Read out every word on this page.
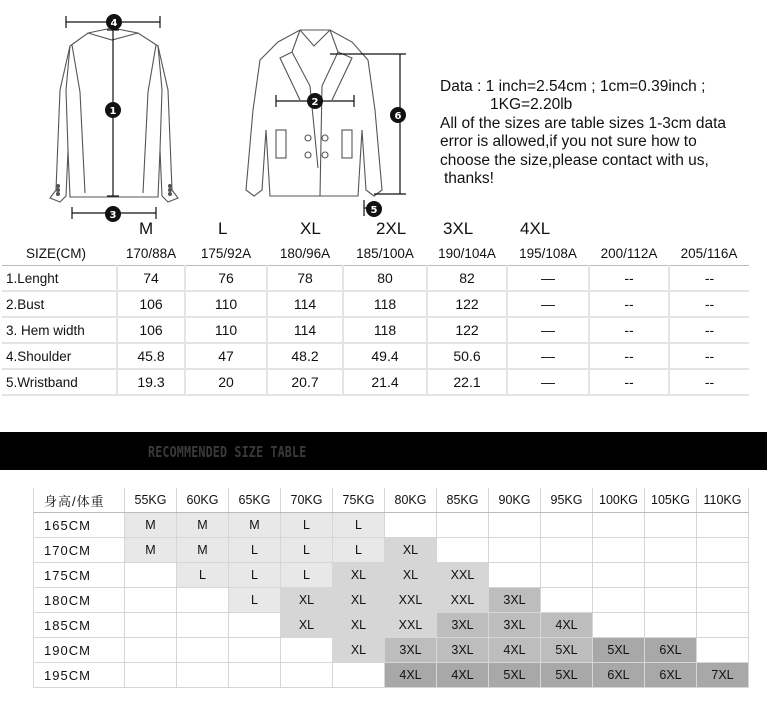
4
1
3
2
6
5
Data : 1 inch=2.54cm ; 1cm=0.39inch ;
1KG=2.20lb
All of the sizes are table sizes 1-3cm data
error is allowed,if you not sure how to
choose the size,please contact with us,
thanks!
M	L	XL	2XL 3XL	4XL
SIZE(CM)	170/88A	175/92A	180/96A	185/100A	190/104A	195/108A	200/112A	205/116A
1.Lenght	74	76	78	80	82	—	--	--
2.Bust	106	110	114	118	122	—	--	--
3. Hem width	106	110	114	118	122	—	--	--
4.Shoulder	45.8	47	48.2	49.4	50.6	—	--	--
5.Wristband	19.3	20	20.7	21.4	22.1	—	--	--
RECOMMENDED SIZE TABLE
身高/体重	55KG	60KG	65KG	70KG	75KG	80KG	85KG	90KG	95KG	100KG	105KG	110KG
165CM	M	M	M	L	L							
170CM	M	M	L	L	L	XL						
175CM		L	L	L	XL	XL	XXL					
180CM			L	XL	XL	XXL	XXL	3XL				
185CM				XL	XL	XXL	3XL	3XL	4XL			
190CM					XL	3XL	3XL	4XL	5XL	5XL	6XL	
195CM						4XL	4XL	5XL	5XL	6XL	6XL	7XL
